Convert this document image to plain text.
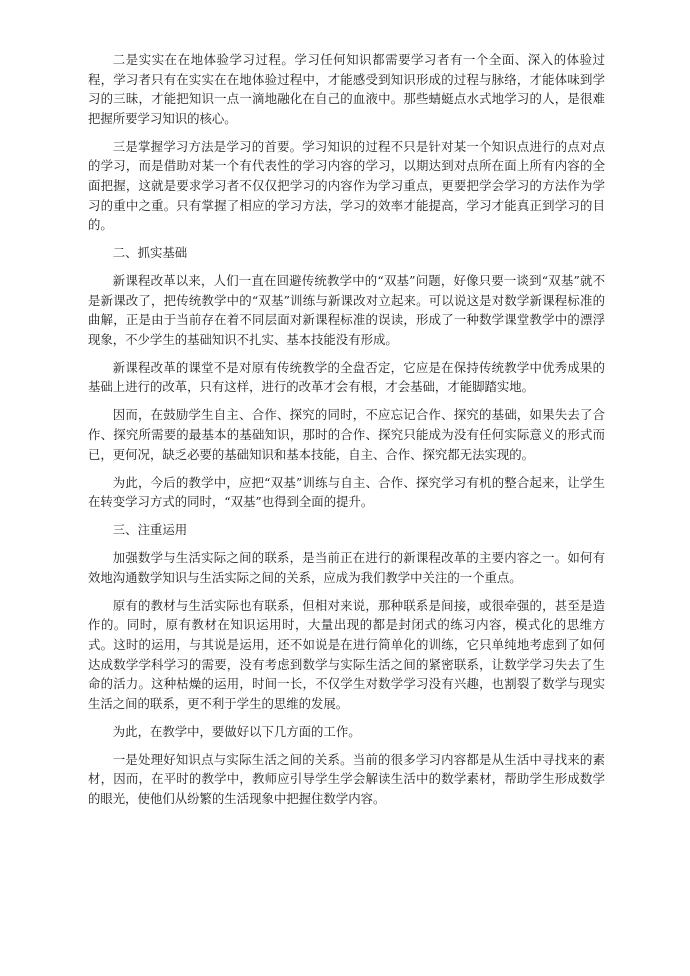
二是实实在在地体验学习过程。学习任何知识都需要学习者有一个全面、深入的体验过程，学习者只有在实实在在地体验过程中，才能感受到知识形成的过程与脉络，才能体味到学习的三昧，才能把知识一点一滴地融化在自己的血液中。那些蜻蜓点水式地学习的人，是很难把握所要学习知识的核心。

三是掌握学习方法是学习的首要。学习知识的过程不只是针对某一个知识点进行的点对点的学习，而是借助对某一个有代表性的学习内容的学习，以期达到对点所在面上所有内容的全面把握，这就是要求学习者不仅仅把学习的内容作为学习重点，更要把学会学习的方法作为学习的重中之重。只有掌握了相应的学习方法，学习的效率才能提高，学习才能真正到学习的目的。

二、抓实基础

新课程改革以来，人们一直在回避传统教学中的“双基”问题，好像只要一谈到“双基”就不是新课改了，把传统教学中的“双基”训练与新课改对立起来。可以说这是对数学新课程标准的曲解，正是由于当前存在着不同层面对新课程标准的误读，形成了一种数学课堂教学中的漂浮现象，不少学生的基础知识不扎实、基本技能没有形成。

新课程改革的课堂不是对原有传统教学的全盘否定，它应是在保持传统教学中优秀成果的基础上进行的改革，只有这样，进行的改革才会有根，才会基础，才能脚踏实地。

因而，在鼓励学生自主、合作、探究的同时，不应忘记合作、探究的基础，如果失去了合作、探究所需要的最基本的基础知识，那时的合作、探究只能成为没有任何实际意义的形式而已，更何况，缺乏必要的基础知识和基本技能，自主、合作、探究都无法实现的。

为此，今后的教学中，应把“双基”训练与自主、合作、探究学习有机的整合起来，让学生在转变学习方式的同时，“双基”也得到全面的提升。

三、注重运用

加强数学与生活实际之间的联系，是当前正在进行的新课程改革的主要内容之一。如何有效地沟通数学知识与生活实际之间的关系，应成为我们教学中关注的一个重点。

原有的教材与生活实际也有联系，但相对来说，那种联系是间接，或很牵强的，甚至是造作的。同时，原有教材在知识运用时，大量出现的都是封闭式的练习内容，模式化的思维方式。这时的运用，与其说是运用，还不如说是在进行简单化的训练，它只单纯地考虑到了如何达成数学学科学习的需要，没有考虑到数学与实际生活之间的紧密联系，让数学学习失去了生命的活力。这种枯燥的运用，时间一长，不仅学生对数学学习没有兴趣，也割裂了数学与现实生活之间的联系，更不利于学生的思维的发展。

为此，在教学中，要做好以下几方面的工作。

一是处理好知识点与实际生活之间的关系。当前的很多学习内容都是从生活中寻找来的素材，因而，在平时的教学中，教师应引导学生学会解读生活中的数学素材，帮助学生形成数学的眼光，使他们从纷繁的生活现象中把握住数学内容。
